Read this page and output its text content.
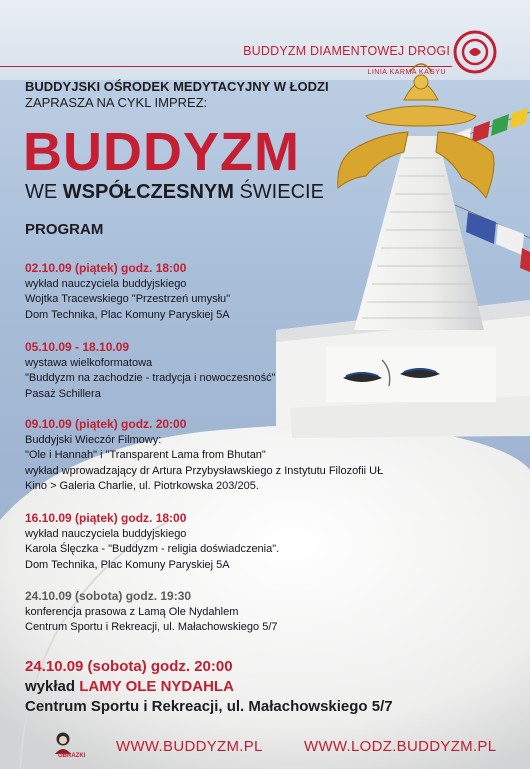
BUDDYZM DIAMENTOWEJ DROGI
LINIA KARMA KAGYU
BUDDYJSKI OŚRODEK MEDYTACYJNY W ŁODZI
ZAPRASZA NA CYKL IMPREZ:
BUDDYZM
WE WSPÓŁCZESNYM ŚWIECIE
PROGRAM
02.10.09 (piątek) godz. 18:00
wykład nauczyciela buddyjskiego
Wojtka Tracewskiego "Przestrzeń umysłu"
Dom Technika, Plac Komuny Paryskiej 5A
05.10.09 - 18.10.09
wystawa wielkoformatowa
"Buddyzm na zachodzie - tradycja i nowoczesność"
Pasaż Schillera
09.10.09 (piątek) godz. 20:00
Buddyjski Wieczór Filmowy:
"Ole i Hannah" i "Transparent Lama from Bhutan"
wykład wprowadzający dr Artura Przybysławskiego z Instytutu Filozofii UŁ
Kino > Galeria Charlie, ul. Piotrkowska 203/205.
16.10.09 (piątek) godz. 18:00
wykład nauczyciela buddyjskiego
Karola Ślęczka - "Buddyzm - religia doświadczenia".
Dom Technika, Plac Komuny Paryskiej 5A
24.10.09 (sobota) godz. 19:30
konferencja prasowa z Lamą Ole Nydahlem
Centrum Sportu i Rekreacji, ul. Małachowskiego 5/7
24.10.09 (sobota) godz. 20:00
wykład LAMY OLE NYDAHLA
Centrum Sportu i Rekreacji, ul. Małachowskiego 5/7
OBRAZKI
WWW.BUDDYZM.PL	WWW.LODZ.BUDDYZM.PL
